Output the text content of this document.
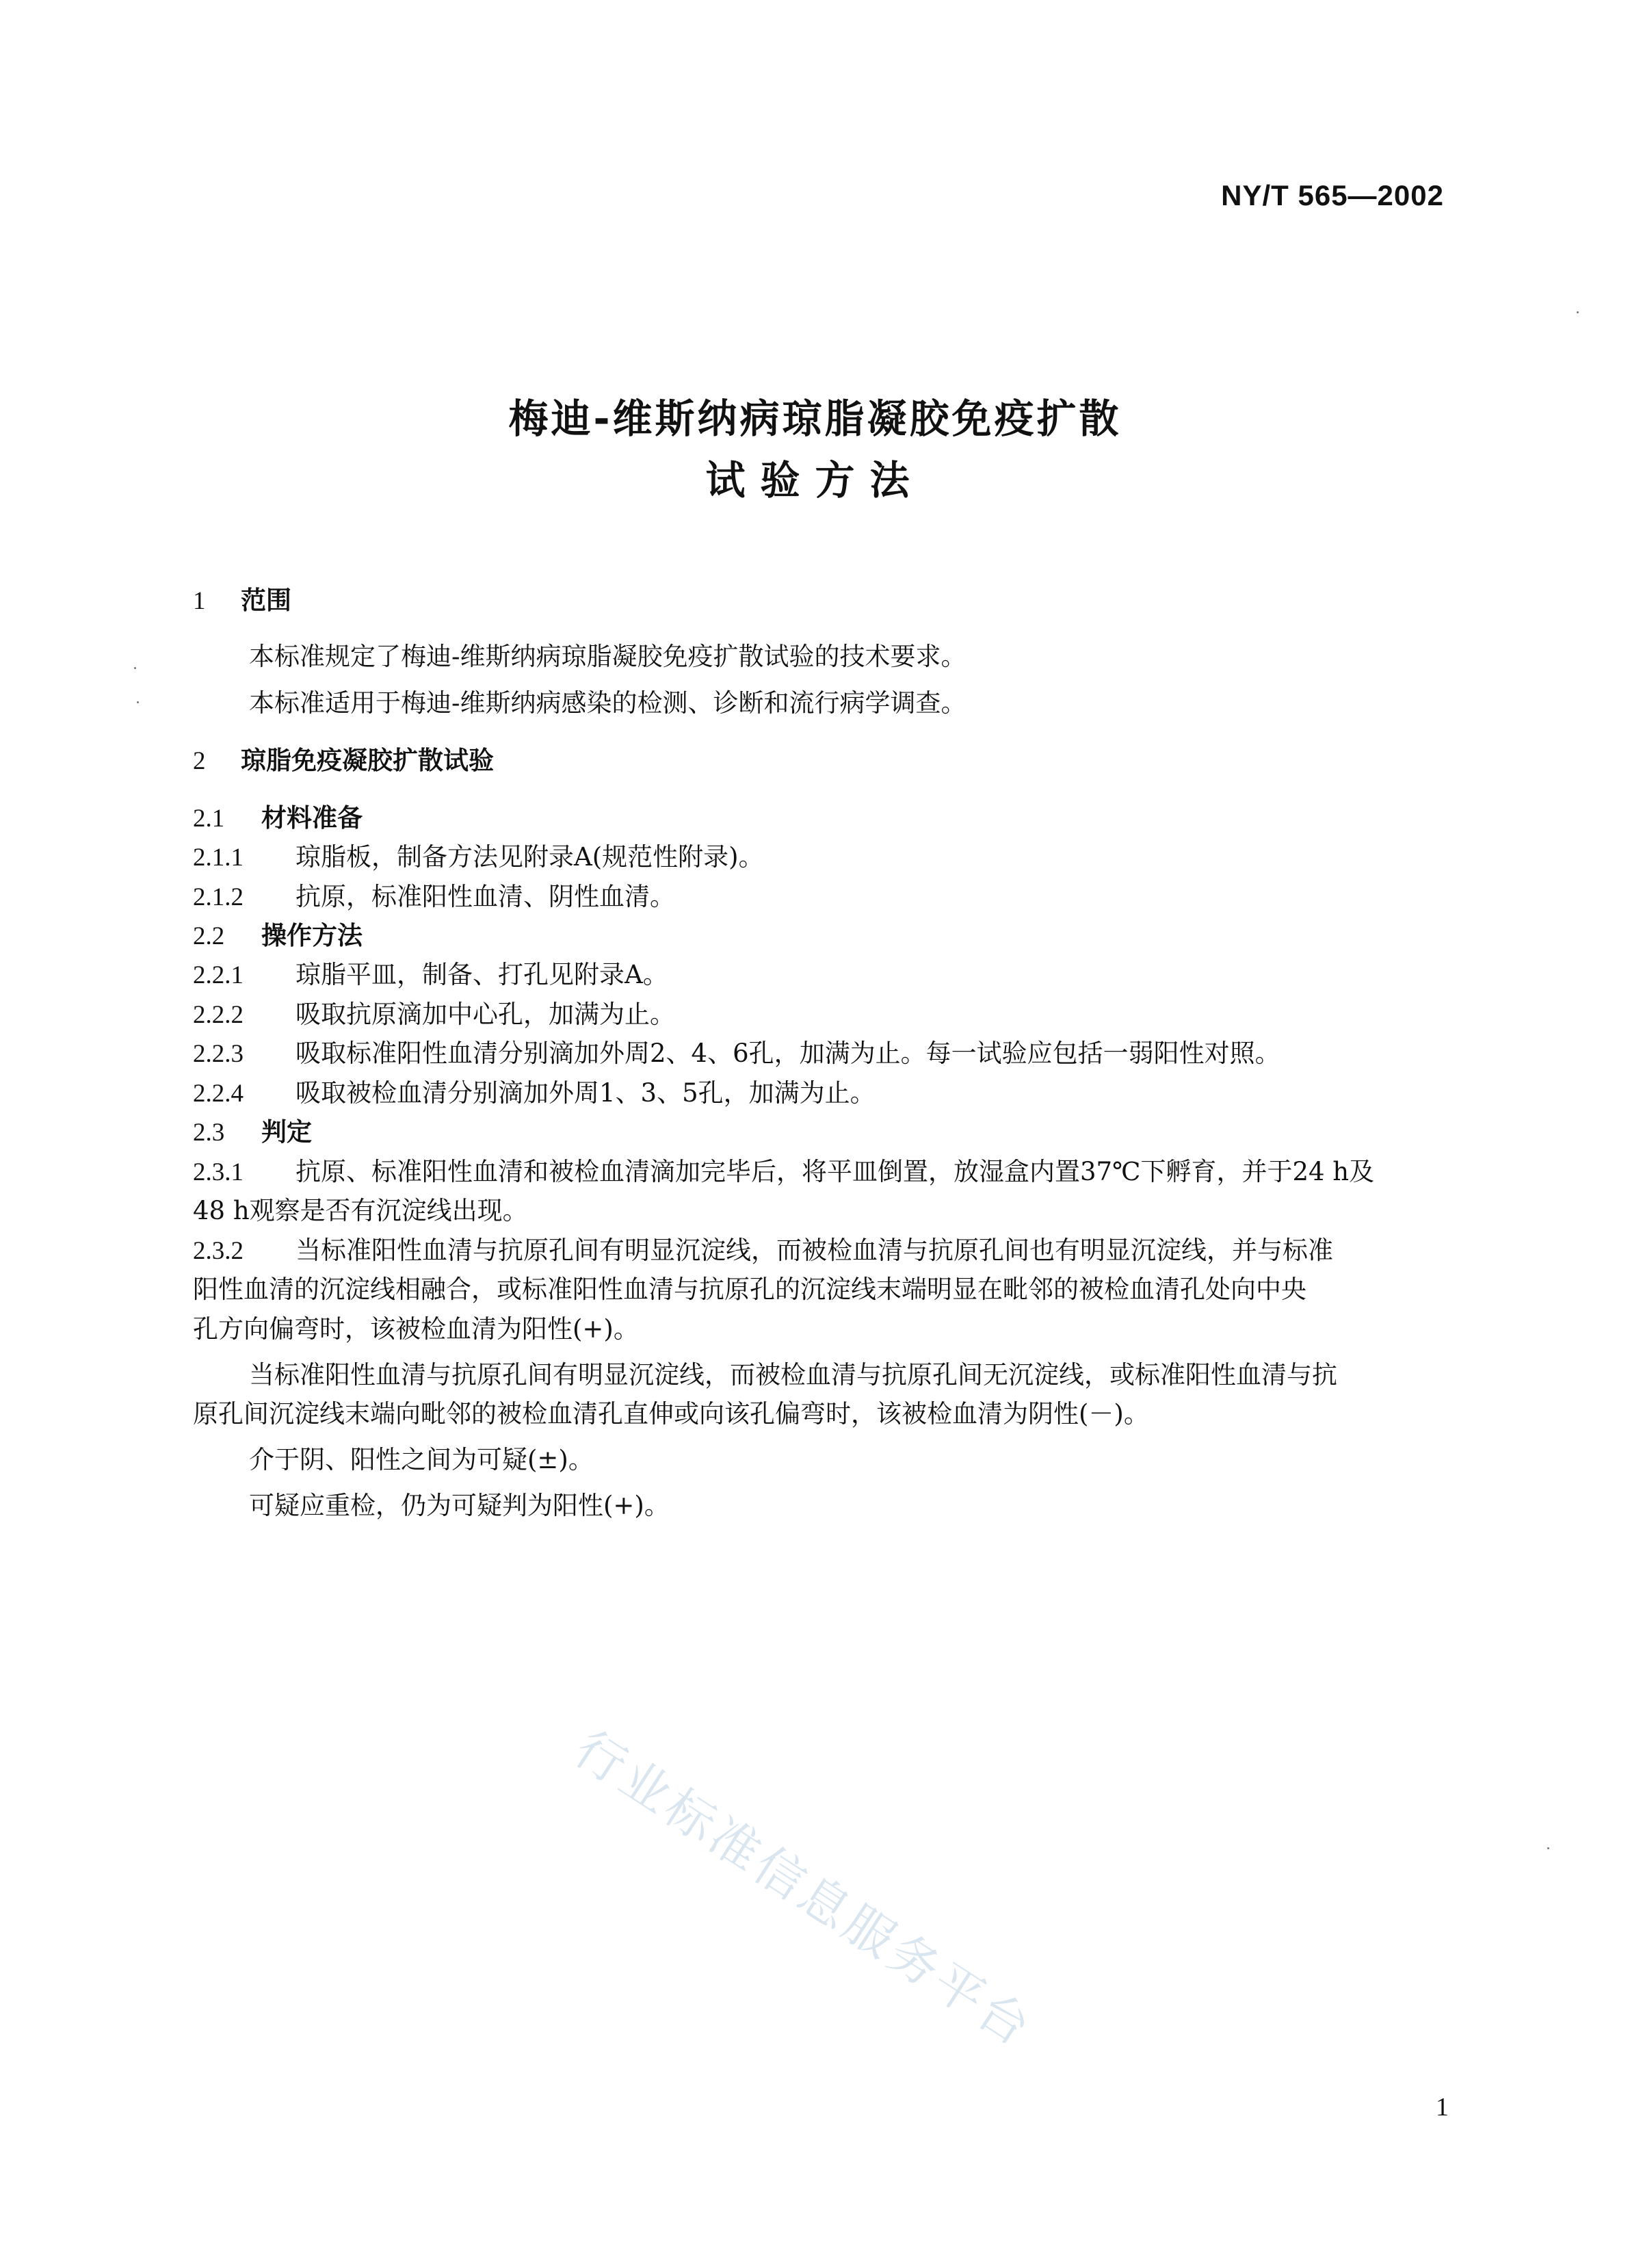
NY/T 565—2002
梅迪-维斯纳病琼脂凝胶免疫扩散
试验方法
1 范围
本标准规定了梅迪-维斯纳病琼脂凝胶免疫扩散试验的技术要求。
本标准适用于梅迪-维斯纳病感染的检测、诊断和流行病学调查。
2 琼脂免疫凝胶扩散试验
2.1 材料准备
2.1.1 琼脂板，制备方法见附录A(规范性附录)。
2.1.2 抗原，标准阳性血清、阴性血清。
2.2 操作方法
2.2.1 琼脂平皿，制备、打孔见附录A。
2.2.2 吸取抗原滴加中心孔，加满为止。
2.2.3 吸取标准阳性血清分别滴加外周2、4、6孔，加满为止。每一试验应包括一弱阳性对照。
2.2.4 吸取被检血清分别滴加外周1、3、5孔，加满为止。
2.3 判定
2.3.1 抗原、标准阳性血清和被检血清滴加完毕后，将平皿倒置，放湿盒内置37℃下孵育，并于24 h及
48 h观察是否有沉淀线出现。
2.3.2 当标准阳性血清与抗原孔间有明显沉淀线，而被检血清与抗原孔间也有明显沉淀线，并与标准
阳性血清的沉淀线相融合，或标准阳性血清与抗原孔的沉淀线末端明显在毗邻的被检血清孔处向中央
孔方向偏弯时，该被检血清为阳性(+)。
当标准阳性血清与抗原孔间有明显沉淀线，而被检血清与抗原孔间无沉淀线，或标准阳性血清与抗
原孔间沉淀线末端向毗邻的被检血清孔直伸或向该孔偏弯时，该被检血清为阴性(－)。
介于阴、阳性之间为可疑(±)。
可疑应重检，仍为可疑判为阳性(+)。
行业标准信息服务平台
1
